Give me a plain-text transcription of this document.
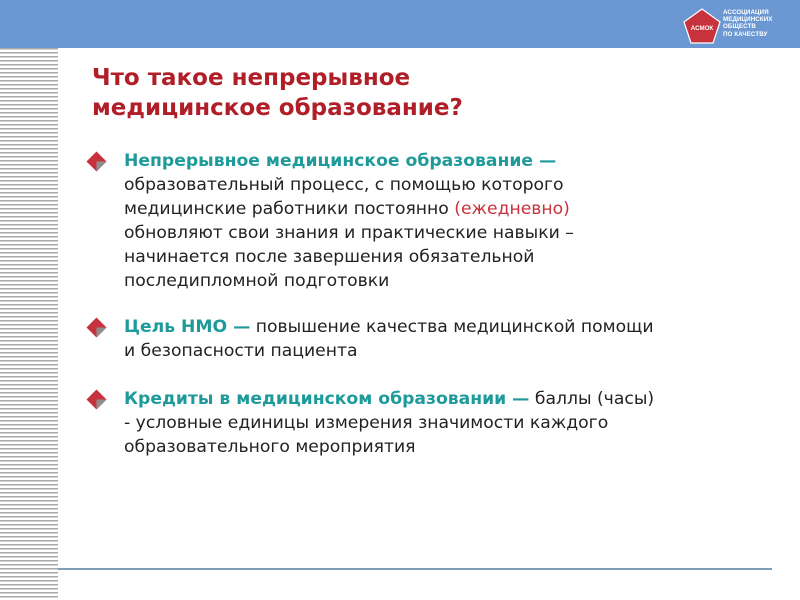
АСМОК
АССОЦИАЦИЯ
МЕДИЦИНСКИХ
ОБЩЕСТВ
ПО КАЧЕСТВУ
Что такое непрерывное
медицинское образование?
Непрерывное медицинское образование —
образовательный процесс, с помощью которого
медицинские работники постоянно (ежедневно)
обновляют свои знания и практические навыки –
начинается после завершения обязательной
последипломной подготовки
Цель НМО — повышение качества медицинской помощи
и безопасности пациента
Кредиты в медицинском образовании — баллы (часы)
- условные единицы измерения значимости каждого
образовательного мероприятия
